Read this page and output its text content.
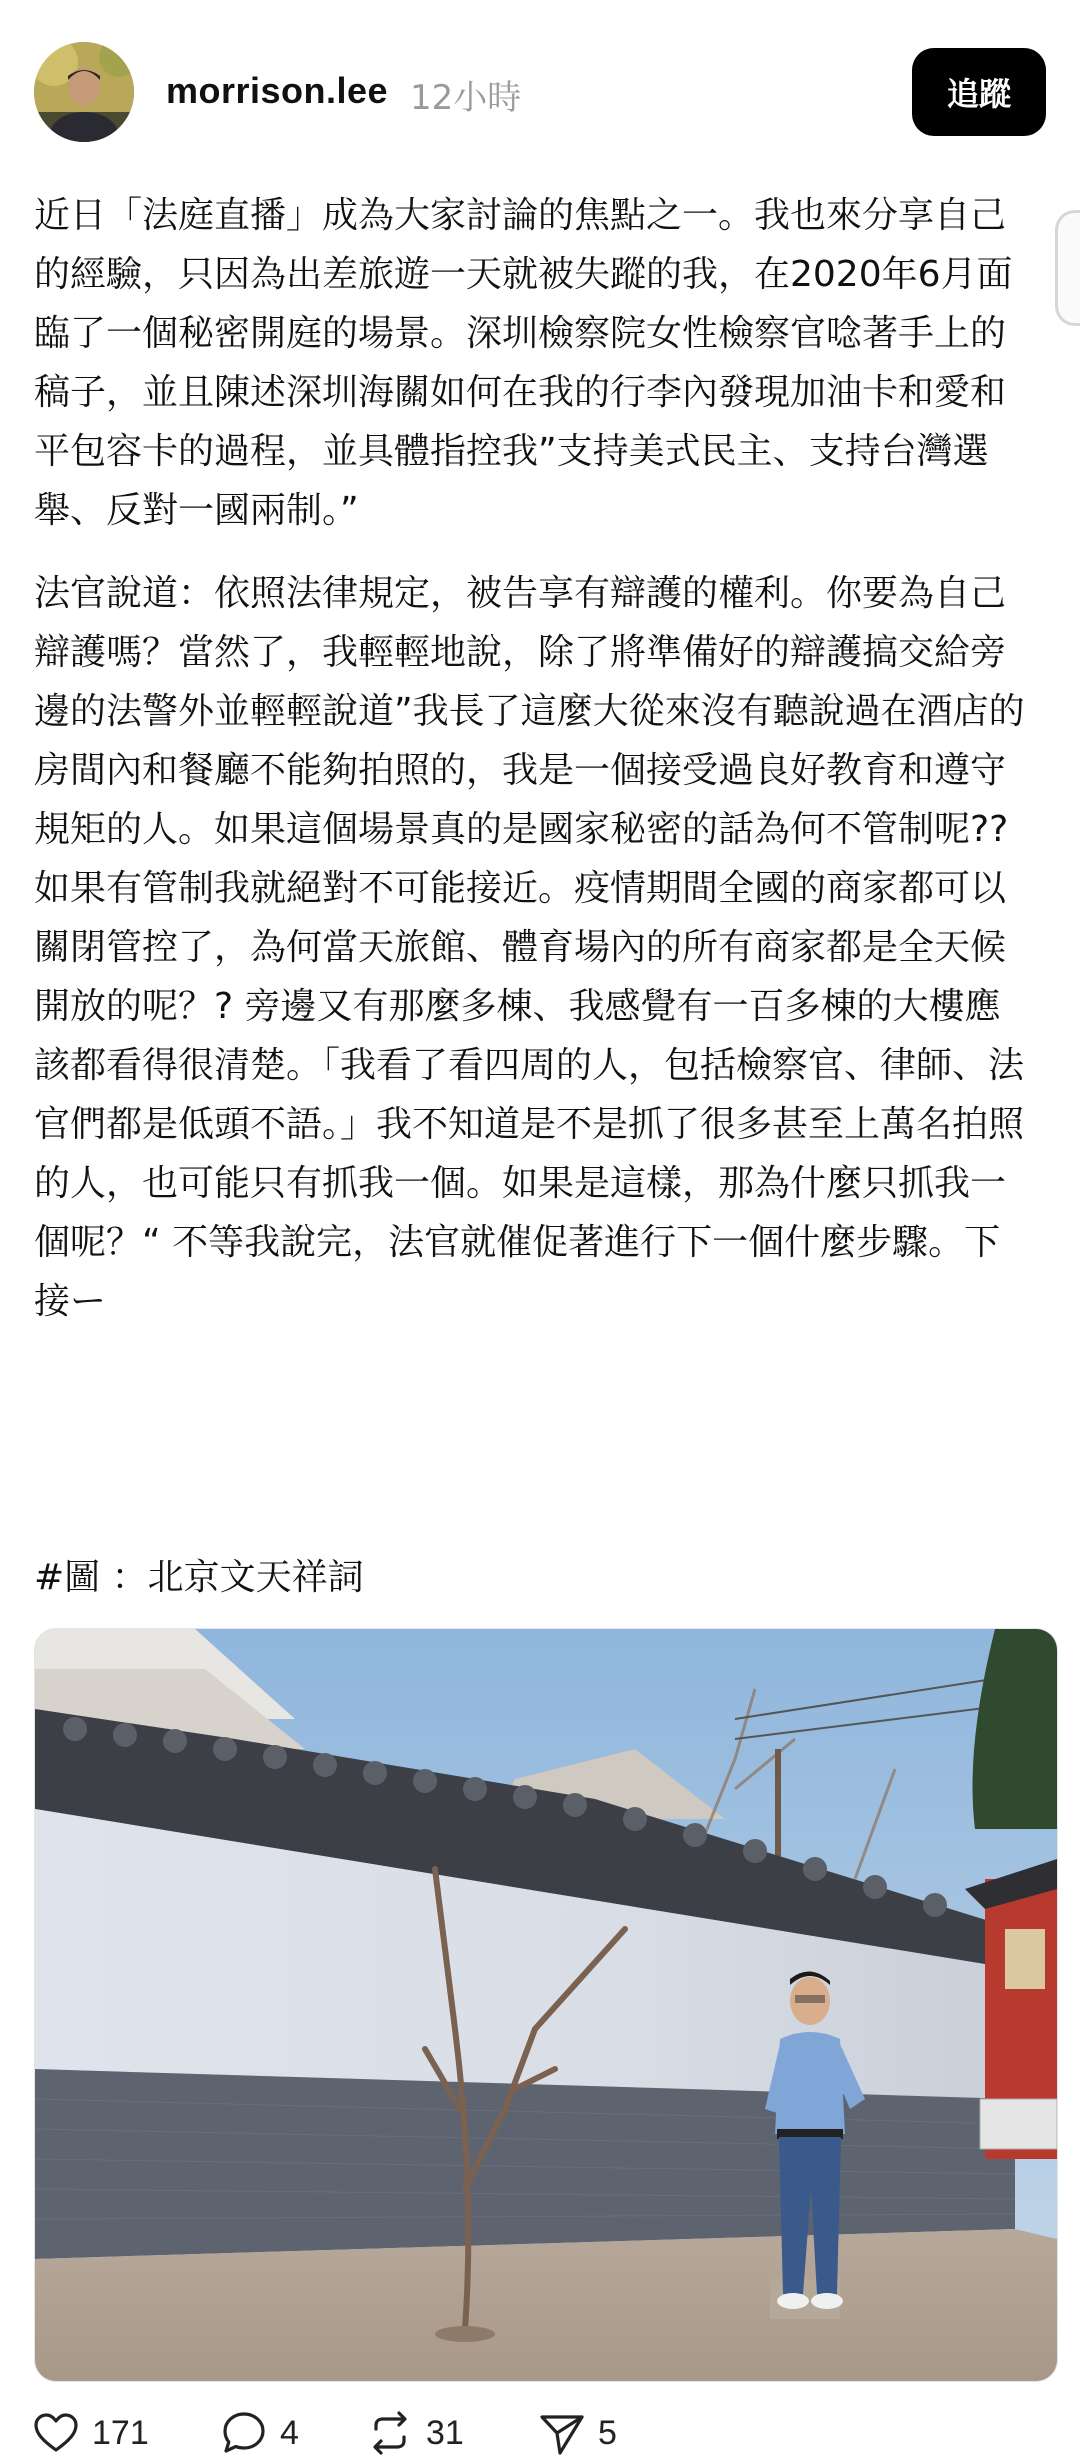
morrison.lee 12小時	追蹤

近日「法庭直播」成為大家討論的焦點之一。我也來分享自己的經驗，只因為出差旅遊一天就被失蹤的我，在2020年6月面臨了一個秘密開庭的場景。深圳檢察院女性檢察官唸著手上的稿子，並且陳述深圳海關如何在我的行李內發現加油卡和愛和平包容卡的過程，並具體指控我”支持美式民主、支持台灣選舉、反對一國兩制。”

法官說道：依照法律規定，被告享有辯護的權利。你要為自己辯護嗎？當然了，我輕輕地說，除了將準備好的辯護搞交給旁邊的法警外並輕輕說道”我長了這麼大從來沒有聽說過在酒店的房間內和餐廳不能夠拍照的，我是一個接受過良好教育和遵守規矩的人。如果這個場景真的是國家秘密的話為何不管制呢?? 如果有管制我就絕對不可能接近。疫情期間全國的商家都可以關閉管控了，為何當天旅館、體育場內的所有商家都是全天候開放的呢？? 旁邊又有那麼多棟、我感覺有一百多棟的大樓應該都看得很清楚。「我看了看四周的人，包括檢察官、律師、法官們都是低頭不語。」我不知道是不是抓了很多甚至上萬名拍照的人，也可能只有抓我一個。如果是這樣，那為什麼只抓我一個呢？“ 不等我說完，法官就催促著進行下一個什麼步驟。下接ー

#圖 ：北京文天祥詞
171	4	31	5
